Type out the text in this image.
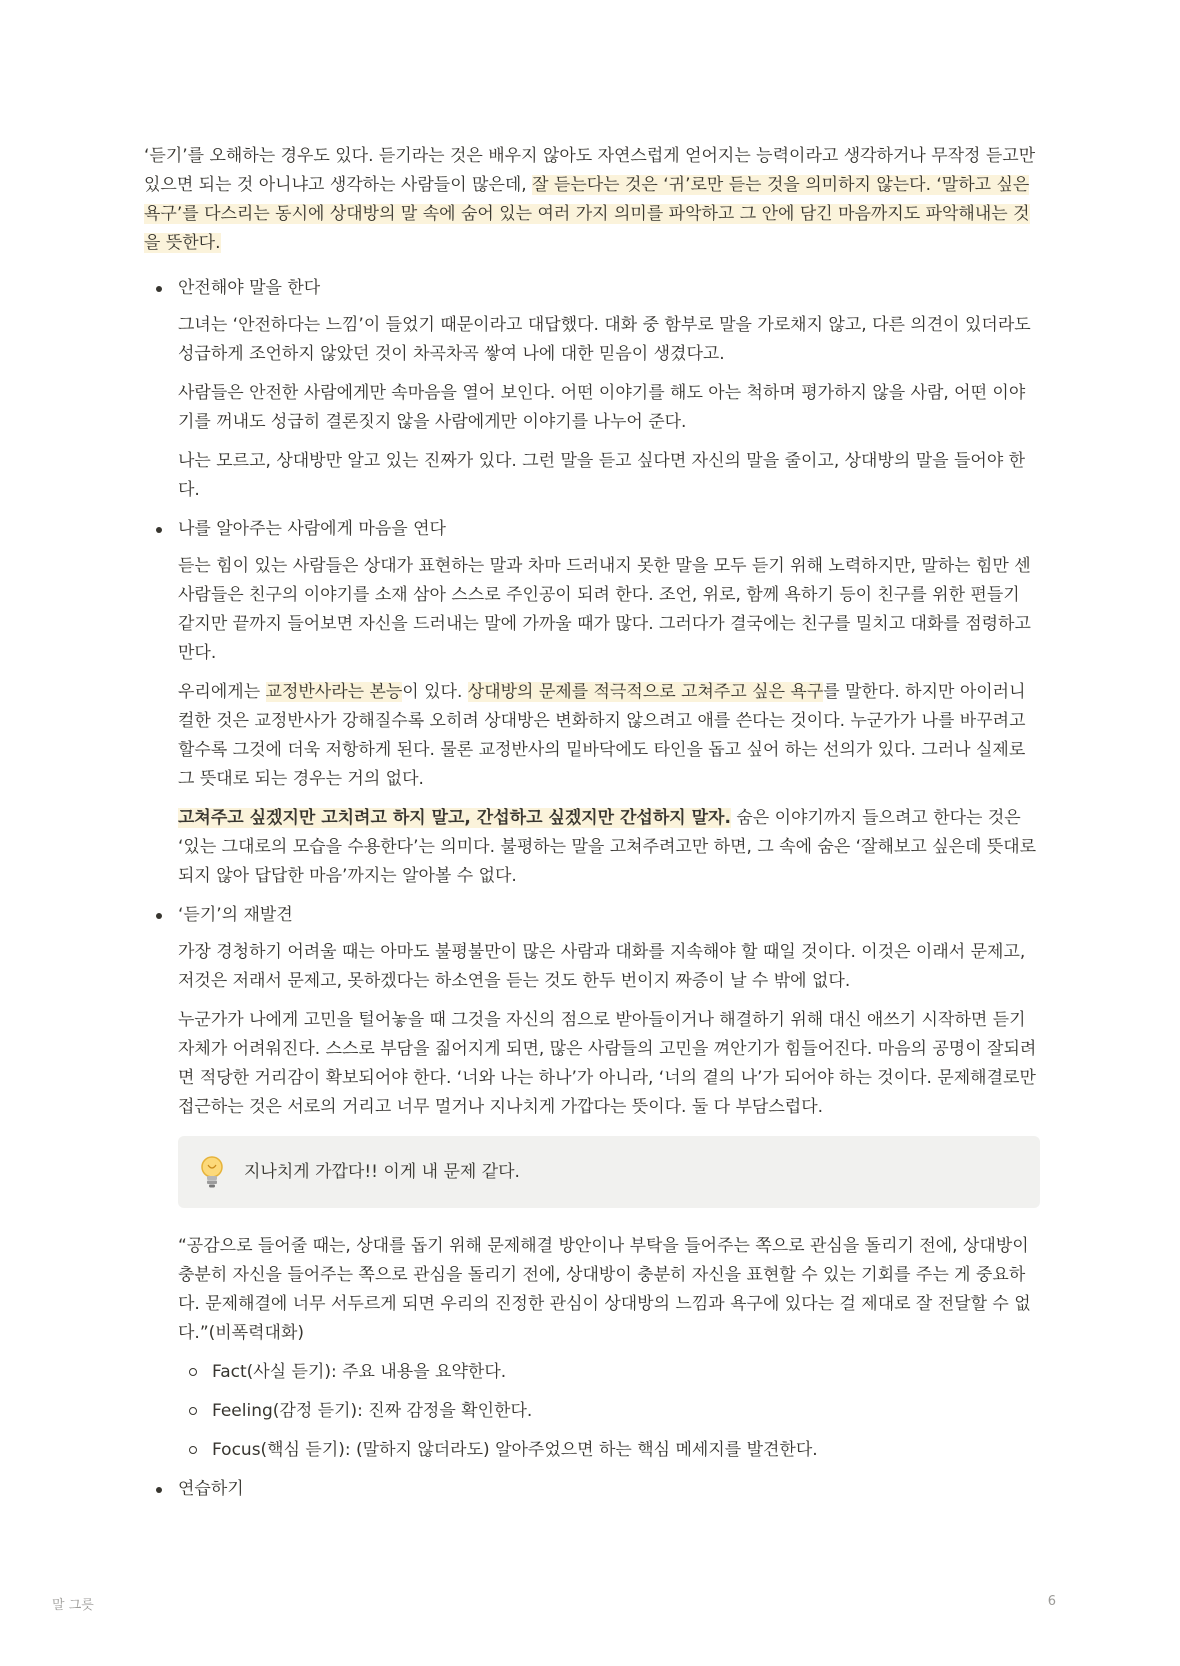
‘듣기’를 오해하는 경우도 있다. 듣기라는 것은 배우지 않아도 자연스럽게 얻어지는 능력이라고 생각하거나 무작정 듣고만 있으면 되는 것 아니냐고 생각하는 사람들이 많은데, 잘 듣는다는 것은 ‘귀’로만 듣는 것을 의미하지 않는다. ‘말하고 싶은 욕구’를 다스리는 동시에 상대방의 말 속에 숨어 있는 여러 가지 의미를 파악하고 그 안에 담긴 마음까지도 파악해내는 것을 뜻한다.

안전해야 말을 한다

그녀는 ‘안전하다는 느낌’이 들었기 때문이라고 대답했다. 대화 중 함부로 말을 가로채지 않고, 다른 의견이 있더라도 성급하게 조언하지 않았던 것이 차곡차곡 쌓여 나에 대한 믿음이 생겼다고.

사람들은 안전한 사람에게만 속마음을 열어 보인다. 어떤 이야기를 해도 아는 척하며 평가하지 않을 사람, 어떤 이야기를 꺼내도 성급히 결론짓지 않을 사람에게만 이야기를 나누어 준다.

나는 모르고, 상대방만 알고 있는 진짜가 있다. 그런 말을 듣고 싶다면 자신의 말을 줄이고, 상대방의 말을 들어야 한다.

나를 알아주는 사람에게 마음을 연다

듣는 힘이 있는 사람들은 상대가 표현하는 말과 차마 드러내지 못한 말을 모두 듣기 위해 노력하지만, 말하는 힘만 센 사람들은 친구의 이야기를 소재 삼아 스스로 주인공이 되려 한다. 조언, 위로, 함께 욕하기 등이 친구를 위한 편들기 같지만 끝까지 들어보면 자신을 드러내는 말에 가까울 때가 많다. 그러다가 결국에는 친구를 밀치고 대화를 점령하고 만다.

우리에게는 교정반사라는 본능이 있다. 상대방의 문제를 적극적으로 고쳐주고 싶은 욕구를 말한다. 하지만 아이러니컬한 것은 교정반사가 강해질수록 오히려 상대방은 변화하지 않으려고 애를 쓴다는 것이다. 누군가가 나를 바꾸려고 할수록 그것에 더욱 저항하게 된다. 물론 교정반사의 밑바닥에도 타인을 돕고 싶어 하는 선의가 있다. 그러나 실제로 그 뜻대로 되는 경우는 거의 없다.

고쳐주고 싶겠지만 고치려고 하지 말고, 간섭하고 싶겠지만 간섭하지 말자. 숨은 이야기까지 들으려고 한다는 것은 ‘있는 그대로의 모습을 수용한다’는 의미다. 불평하는 말을 고쳐주려고만 하면, 그 속에 숨은 ‘잘해보고 싶은데 뜻대로 되지 않아 답답한 마음’까지는 알아볼 수 없다.

‘듣기’의 재발견

가장 경청하기 어려울 때는 아마도 불평불만이 많은 사람과 대화를 지속해야 할 때일 것이다. 이것은 이래서 문제고, 저것은 저래서 문제고, 못하겠다는 하소연을 듣는 것도 한두 번이지 짜증이 날 수 밖에 없다.

누군가가 나에게 고민을 털어놓을 때 그것을 자신의 점으로 받아들이거나 해결하기 위해 대신 애쓰기 시작하면 듣기 자체가 어려워진다. 스스로 부담을 짊어지게 되면, 많은 사람들의 고민을 껴안기가 힘들어진다. 마음의 공명이 잘되려면 적당한 거리감이 확보되어야 한다. ‘너와 나는 하나’가 아니라, ‘너의 곁의 나’가 되어야 하는 것이다. 문제해결로만 접근하는 것은 서로의 거리고 너무 멀거나 지나치게 가깝다는 뜻이다. 둘 다 부담스럽다.

지나치게 가깝다!! 이게 내 문제 같다.

“공감으로 들어줄 때는, 상대를 돕기 위해 문제해결 방안이나 부탁을 들어주는 쪽으로 관심을 돌리기 전에, 상대방이 충분히 자신을 들어주는 쪽으로 관심을 돌리기 전에, 상대방이 충분히 자신을 표현할 수 있는 기회를 주는 게 중요하다. 문제해결에 너무 서두르게 되면 우리의 진정한 관심이 상대방의 느낌과 욕구에 있다는 걸 제대로 잘 전달할 수 없다.”(비폭력대화)

Fact(사실 듣기): 주요 내용을 요약한다.
Feeling(감정 듣기): 진짜 감정을 확인한다.
Focus(핵심 듣기): (말하지 않더라도) 알아주었으면 하는 핵심 메세지를 발견한다.
연습하기
말 그릇	6
